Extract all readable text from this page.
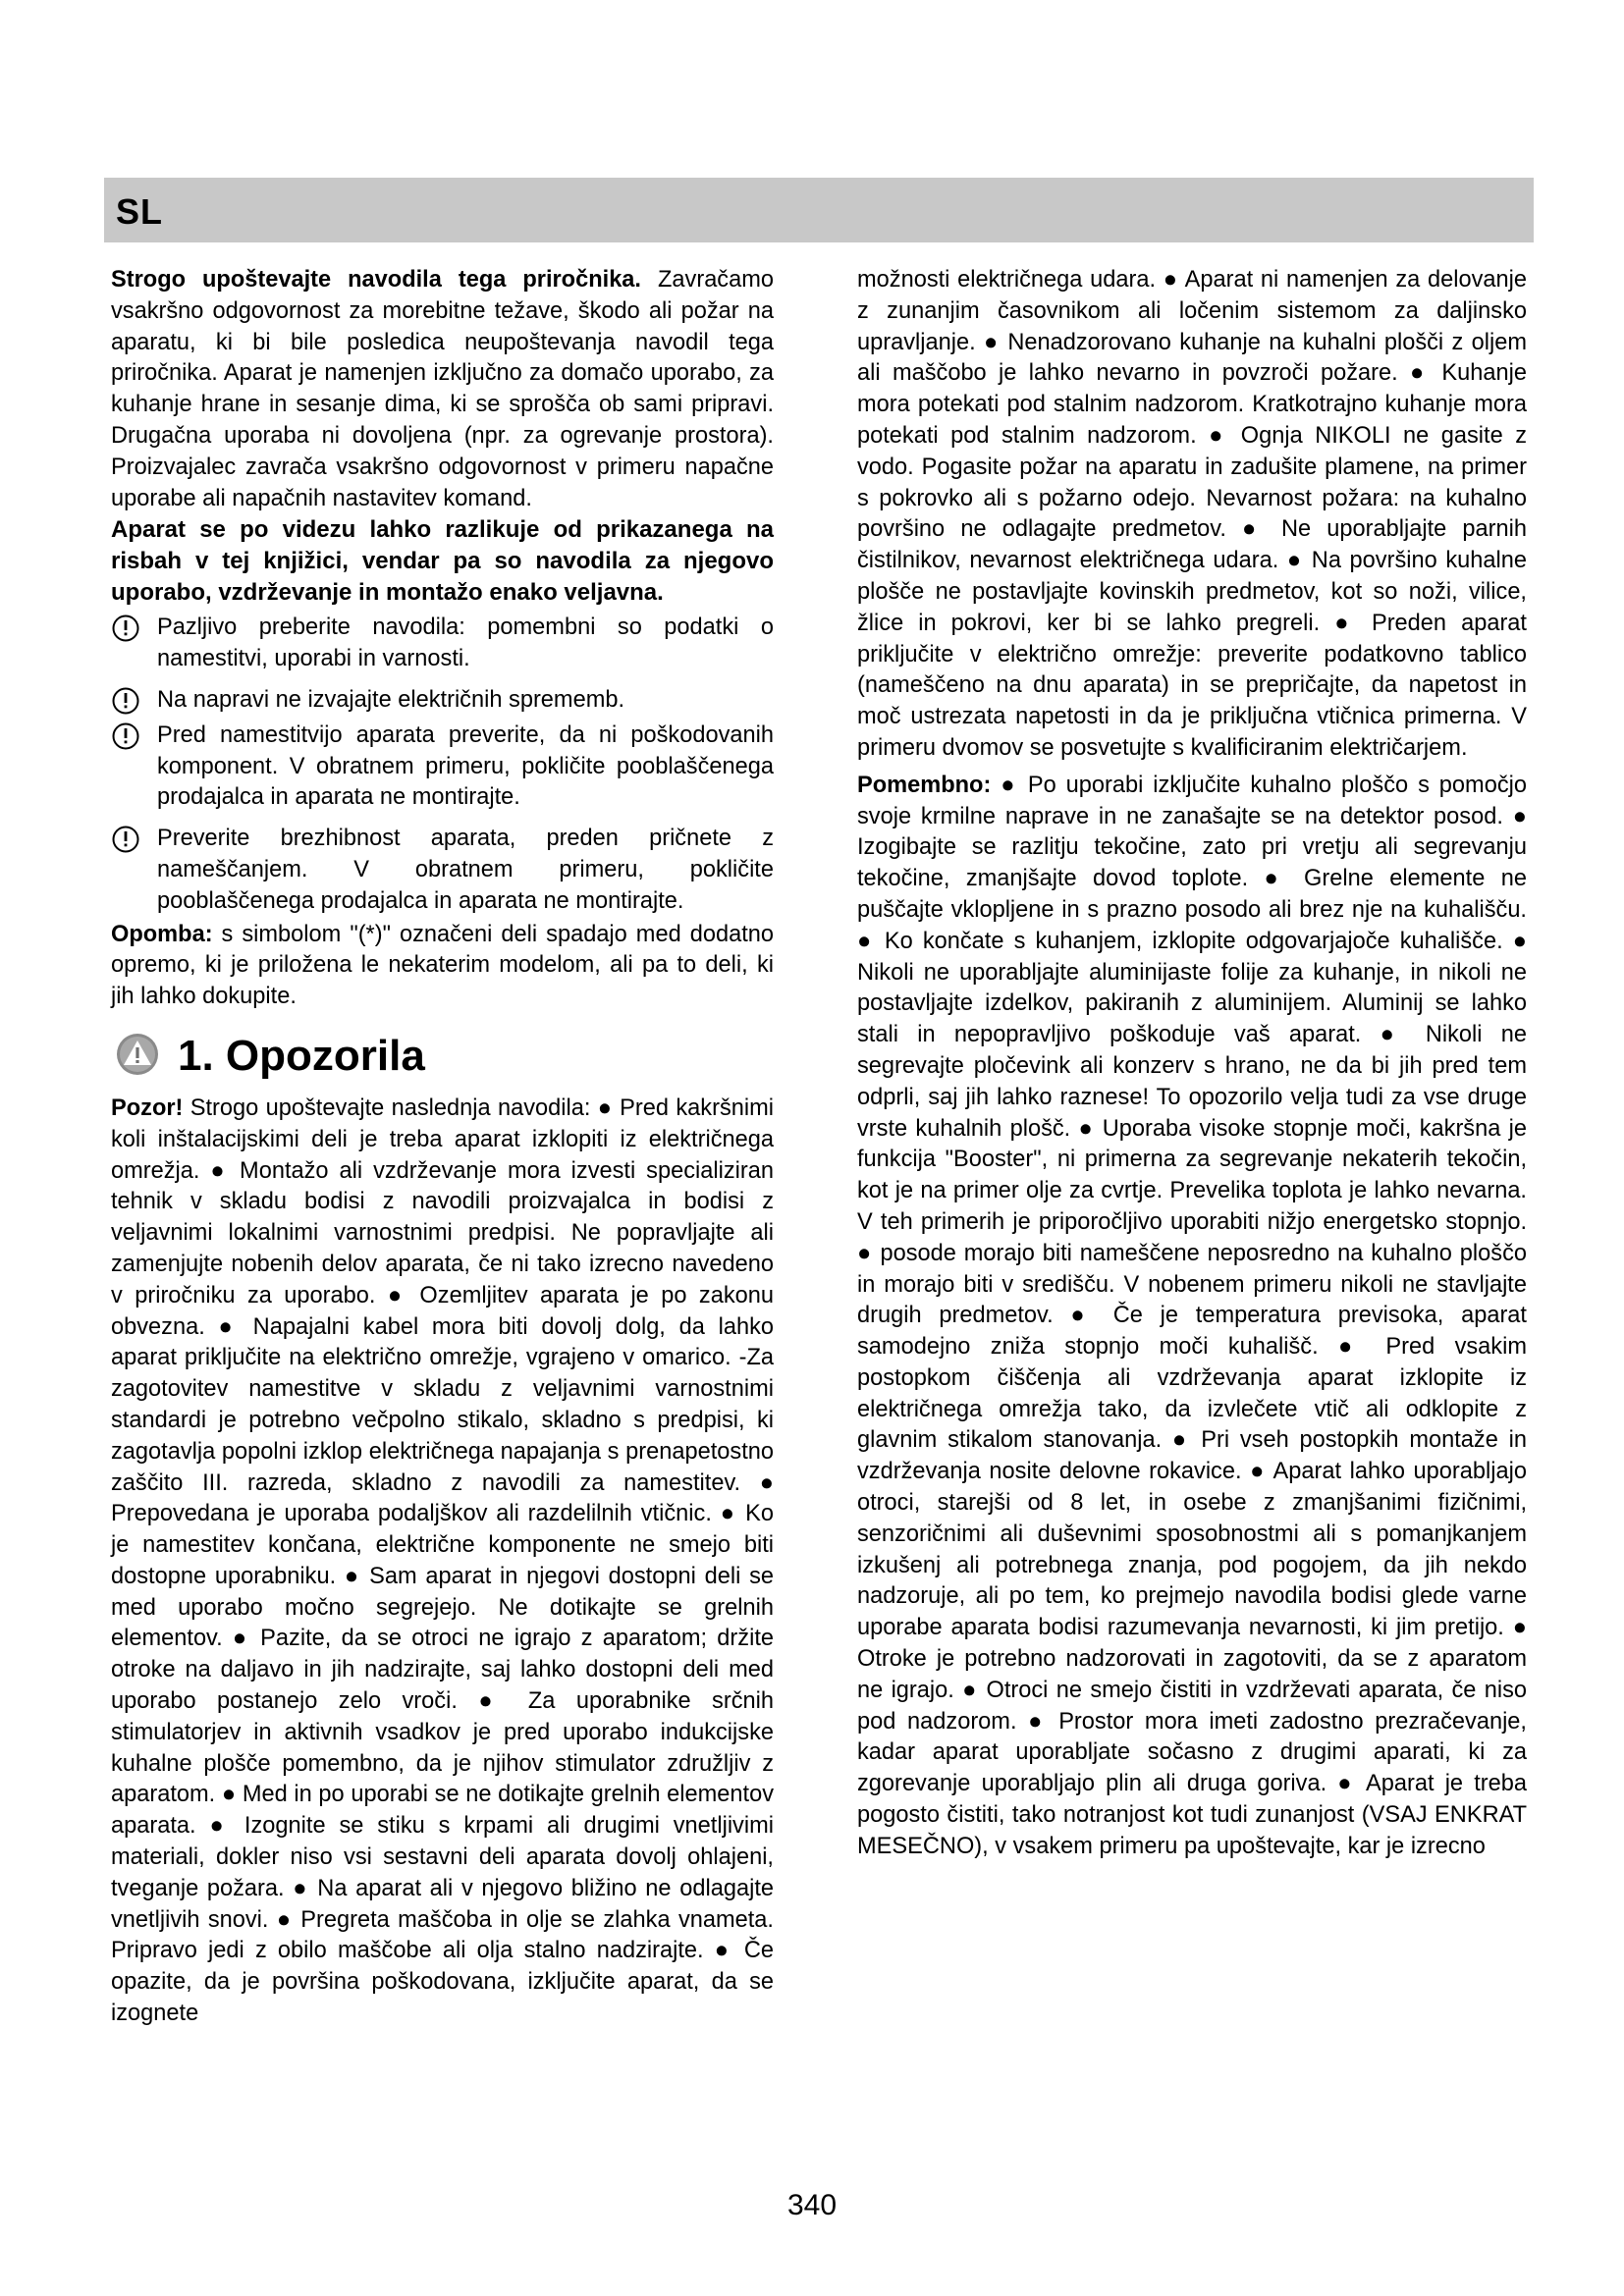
SL

Strogo upoštevajte navodila tega priročnika. Zavračamo vsakršno odgovornost za morebitne težave, škodo ali požar na aparatu, ki bi bile posledica neupoštevanja navodil tega priročnika. Aparat je namenjen izključno za domačo uporabo, za kuhanje hrane in sesanje dima, ki se sprošča ob sami pripravi. Drugačna uporaba ni dovoljena (npr. za ogrevanje prostora). Proizvajalec zavrača vsakršno odgovornost v primeru napačne uporabe ali napačnih nastavitev komand.

Aparat se po videzu lahko razlikuje od prikazanega na risbah v tej knjižici, vendar pa so navodila za njegovo uporabo, vzdrževanje in montažo enako veljavna.

Pazljivo preberite navodila: pomembni so podatki o namestitvi, uporabi in varnosti.

Na napravi ne izvajajte električnih sprememb.

Pred namestitvijo aparata preverite, da ni poškodovanih komponent. V obratnem primeru, pokličite pooblaščenega prodajalca in aparata ne montirajte.

Preverite brezhibnost aparata, preden pričnete z nameščanjem. V obratnem primeru, pokličite pooblaščenega prodajalca in aparata ne montirajte.

Opomba: s simbolom "(*)" označeni deli spadajo med dodatno opremo, ki je priložena le nekaterim modelom, ali pa to deli, ki jih lahko dokupite.

1. Opozorila

Pozor! Strogo upoštevajte naslednja navodila: ● Pred kakršnimi koli inštalacijskimi deli je treba aparat izklopiti iz električnega omrežja. ● Montažo ali vzdrževanje mora izvesti specializiran tehnik v skladu bodisi z navodili proizvajalca in bodisi z veljavnimi lokalnimi varnostnimi predpisi. Ne popravljajte ali zamenjujte nobenih delov aparata, če ni tako izrecno navedeno v priročniku za uporabo. ● Ozemljitev aparata je po zakonu obvezna. ● Napajalni kabel mora biti dovolj dolg, da lahko aparat priključite na električno omrežje, vgrajeno v omarico. -Za zagotovitev namestitve v skladu z veljavnimi varnostnimi standardi je potrebno večpolno stikalo, skladno s predpisi, ki zagotavlja popolni izklop električnega napajanja s prenapetostno zaščito III. razreda, skladno z navodili za namestitev. ● Prepovedana je uporaba podaljškov ali razdelilnih vtičnic. ● Ko je namestitev končana, električne komponente ne smejo biti dostopne uporabniku. ● Sam aparat in njegovi dostopni deli se med uporabo močno segrejejo. Ne dotikajte se grelnih elementov. ● Pazite, da se otroci ne igrajo z aparatom; držite otroke na daljavo in jih nadzirajte, saj lahko dostopni deli med uporabo postanejo zelo vroči. ● Za uporabnike srčnih stimulatorjev in aktivnih vsadkov je pred uporabo indukcijske kuhalne plošče pomembno, da je njihov stimulator združljiv z aparatom. ● Med in po uporabi se ne dotikajte grelnih elementov aparata. ● Izognite se stiku s krpami ali drugimi vnetljivimi materiali, dokler niso vsi sestavni deli aparata dovolj ohlajeni, tveganje požara. ● Na aparat ali v njegovo bližino ne odlagajte vnetljivih snovi. ● Pregreta maščoba in olje se zlahka vnameta. Pripravo jedi z obilo maščobe ali olja stalno nadzirajte. ● Če opazite, da je površina poškodovana, izključite aparat, da se izognete

možnosti električnega udara. ● Aparat ni namenjen za delovanje z zunanjim časovnikom ali ločenim sistemom za daljinsko upravljanje. ● Nenadzorovano kuhanje na kuhalni plošči z oljem ali maščobo je lahko nevarno in povzroči požare. ● Kuhanje mora potekati pod stalnim nadzorom. Kratkotrajno kuhanje mora potekati pod stalnim nadzorom. ● Ognja NIKOLI ne gasite z vodo. Pogasite požar na aparatu in zadušite plamene, na primer s pokrovko ali s požarno odejo. Nevarnost požara: na kuhalno površino ne odlagajte predmetov. ● Ne uporabljajte parnih čistilnikov, nevarnost električnega udara. ● Na površino kuhalne plošče ne postavljajte kovinskih predmetov, kot so noži, vilice, žlice in pokrovi, ker bi se lahko pregreli. ● Preden aparat priključite v električno omrežje: preverite podatkovno tablico (nameščeno na dnu aparata) in se prepričajte, da napetost in moč ustrezata napetosti in da je priključna vtičnica primerna. V primeru dvomov se posvetujte s kvalificiranim električarjem.

Pomembno: ● Po uporabi izključite kuhalno ploščo s pomočjo svoje krmilne naprave in ne zanašajte se na detektor posod. ● Izogibajte se razlitju tekočine, zato pri vretju ali segrevanju tekočine, zmanjšajte dovod toplote. ● Grelne elemente ne puščajte vklopljene in s prazno posodo ali brez nje na kuhališču. ● Ko končate s kuhanjem, izklopite odgovarjajoče kuhališče. ● Nikoli ne uporabljajte aluminijaste folije za kuhanje, in nikoli ne postavljajte izdelkov, pakiranih z aluminijem. Aluminij se lahko stali in nepopravljivo poškoduje vaš aparat. ● Nikoli ne segrevajte pločevink ali konzerv s hrano, ne da bi jih pred tem odprli, saj jih lahko raznese! To opozorilo velja tudi za vse druge vrste kuhalnih plošč. ● Uporaba visoke stopnje moči, kakršna je funkcija "Booster", ni primerna za segrevanje nekaterih tekočin, kot je na primer olje za cvrtje. Prevelika toplota je lahko nevarna. V teh primerih je priporočljivo uporabiti nižjo energetsko stopnjo. ● posode morajo biti nameščene neposredno na kuhalno ploščo in morajo biti v središču. V nobenem primeru nikoli ne stavljajte drugih predmetov. ● Če je temperatura previsoka, aparat samodejno zniža stopnjo moči kuhališč. ● Pred vsakim postopkom čiščenja ali vzdrževanja aparat izklopite iz električnega omrežja tako, da izvlečete vtič ali odklopite z glavnim stikalom stanovanja. ● Pri vseh postopkih montaže in vzdrževanja nosite delovne rokavice. ● Aparat lahko uporabljajo otroci, starejši od 8 let, in osebe z zmanjšanimi fizičnimi, senzoričnimi ali duševnimi sposobnostmi ali s pomanjkanjem izkušenj ali potrebnega znanja, pod pogojem, da jih nekdo nadzoruje, ali po tem, ko prejmejo navodila bodisi glede varne uporabe aparata bodisi razumevanja nevarnosti, ki jim pretijo. ● Otroke je potrebno nadzorovati in zagotoviti, da se z aparatom ne igrajo. ● Otroci ne smejo čistiti in vzdrževati aparata, če niso pod nadzorom. ● Prostor mora imeti zadostno prezračevanje, kadar aparat uporabljate sočasno z drugimi aparati, ki za zgorevanje uporabljajo plin ali druga goriva. ● Aparat je treba pogosto čistiti, tako notranjost kot tudi zunanjost (VSAJ ENKRAT MESEČNO), v vsakem primeru pa upoštevajte, kar je izrecno

340
